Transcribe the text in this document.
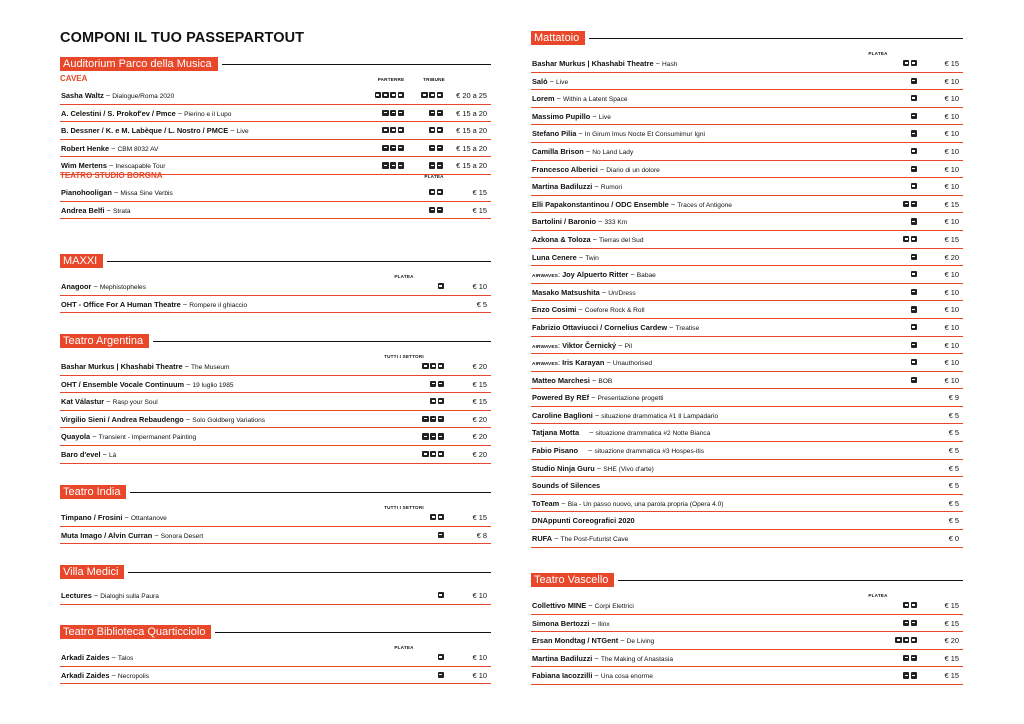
COMPONI IL TUO PASSEPARTOUT
Auditorium Parco della Musica
CAVEA	PARTERRE	TRIBUNE
Sasha Waltz ~ Dialogue/Roma 2020	€ 20 a 25
A. Celestini / S. Prokof'ev / Pmce ~ Pierino e il Lupo	€ 15 a 20
B. Dessner / K. e M. Labèque / L. Nostro / PMCE ~ Live	€ 15 a 20
Robert Henke ~ CBM 8032 AV	€ 15 a 20
Wim Mertens ~ Inescapable Tour	€ 15 a 20
TEATRO STUDIO BORGNA	PLATEA
Pianohooligan ~ Missa Sine Verbis	€ 15
Andrea Belfi ~ Strata	€ 15
MAXXI
PLATEA
Anagoor ~ Mephistopheles	€ 10
OHT - Office For A Human Theatre ~ Rompere il ghiaccio	€ 5
Teatro Argentina
TUTTI I SETTORI
Bashar Murkus | Khashabi Theatre ~ The Museum	€ 20
OHT / Ensemble Vocale Continuum ~ 19 luglio 1985	€ 15
Kat Válastur ~ Rasp your Soul	€ 15
Virgilio Sieni / Andrea Rebaudengo ~ Solo Goldberg Variations	€ 20
Quayola ~ Transient - Impermanent Painting	€ 20
Baro d'evel ~ Là	€ 20
Teatro India
TUTTI I SETTORI
Timpano / Frosini ~ Ottantanove	€ 15
Muta Imago / Alvin Curran ~ Sonora Desert	€ 8
Villa Medici
Lectures ~ Dialoghi sulla Paura	€ 10
Teatro Biblioteca Quarticciolo
PLATEA
Arkadi Zaides ~ Talos	€ 10
Arkadi Zaides ~ Necropolis	€ 10
Mattatoio
PLATEA
Bashar Murkus | Khashabi Theatre ~ Hash	€ 15
Salò ~ Live	€ 10
Lorem ~ Within a Latent Space	€ 10
Massimo Pupillo ~ Live	€ 10
Stefano Pilia ~ In Girum Imus Nocte Et Consumimur Igni	€ 10
Camilla Brison ~ No Land Lady	€ 10
Francesco Alberici ~ Diario di un dolore	€ 10
Martina Badiluzzi ~ Rumori	€ 10
Elli Papakonstantinou / ODC Ensemble ~ Traces of Antigone	€ 15
Bartolini / Baronio ~ 333 Km	€ 10
Azkona & Toloza ~ Tierras del Sud	€ 15
Luna Cenere ~ Twin	€ 20
AIRWAVES: Joy Alpuerto Ritter ~ Babae	€ 10
Masako Matsushita ~ Un/Dress	€ 10
Enzo Cosimi ~ Coefore Rock & Roll	€ 10
Fabrizio Ottaviucci / Cornelius Cardew ~ Treatise	€ 10
AIRWAVES: Viktor Černický ~ Pil	€ 10
AIRWAVES: Iris Karayan ~ Unauthorised	€ 10
Matteo Marchesi ~ BOB	€ 10
Powered By REf ~ Presentazione progetti	€ 9
Caroline Baglioni ~ situazione drammatica #1 Il Lampadario	€ 5
Tatjana Motta ~ situazione drammatica #2 Notte Bianca	€ 5
Fabio Pisano ~ situazione drammatica #3 Hospes-itis	€ 5
Studio Ninja Guru ~ SHE (Vivo d'arte)	€ 5
Sounds of Silences	€ 5
ToTeam ~ Bia - Un passo nuovo, una parola propria (Opera 4.0)	€ 5
DNAppunti Coreografici 2020	€ 5
RUFA ~ The Post-Futurist Cave	€ 0
Teatro Vascello
PLATEA
Collettivo MINE ~ Corpi Elettrici	€ 15
Simona Bertozzi ~ Ilinx	€ 15
Ersan Mondtag / NTGent ~ De Living	€ 20
Martina Badiluzzi ~ The Making of Anastasia	€ 15
Fabiana Iacozzilli ~ Una cosa enorme	€ 15
